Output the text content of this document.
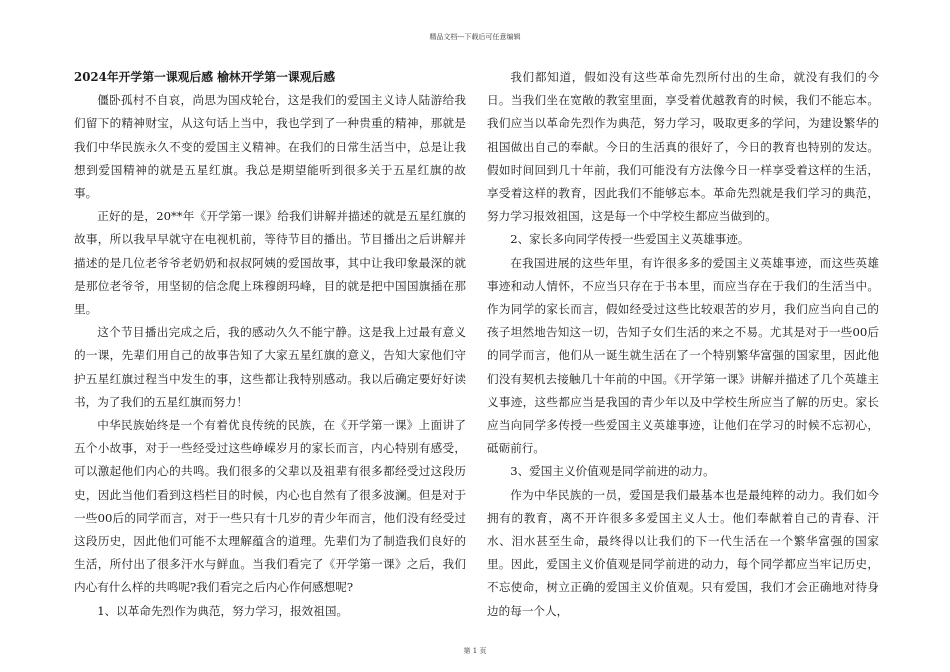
精品文档---下载后可任意编辑

2024年开学第一课观后感 榆林开学第一课观后感

僵卧孤村不自哀，尚思为国戍轮台，这是我们的爱国主义诗人陆游给我们留下的精神财宝，从这句话上当中，我也学到了一种贵重的精神，那就是我们中华民族永久不变的爱国主义精神。在我们的日常生活当中，总是让我想到爱国精神的就是五星红旗。我总是期望能听到很多关于五星红旗的故事。

正好的是，20**年《开学第一课》给我们讲解并描述的就是五星红旗的故事，所以我早早就守在电视机前，等待节目的播出。节目播出之后讲解并描述的是几位老爷爷老奶奶和叔叔阿姨的爱国故事，其中让我印象最深的就是那位老爷爷，用坚韧的信念爬上珠穆朗玛峰，目的就是把中国国旗插在那里。

这个节目播出完成之后，我的感动久久不能宁静。这是我上过最有意义的一课，先辈们用自己的故事告知了大家五星红旗的意义，告知大家他们守护五星红旗过程当中发生的事，这些都让我特别感动。我以后确定要好好读书，为了我们的五星红旗而努力！

中华民族始终是一个有着优良传统的民族，在《开学第一课》上面讲了五个小故事，对于一些经受过这些峥嵘岁月的家长而言，内心特别有感受，可以激起他们内心的共鸣。我们很多的父辈以及祖辈有很多都经受过这段历史，因此当他们看到这档栏目的时候，内心也自然有了很多波澜。但是对于一些00后的同学而言，对于一些只有十几岁的青少年而言，他们没有经受过这段历史，因此他们可能不太理解蕴含的道理。先辈们为了制造我们良好的生活，所付出了很多汗水与鲜血。当我们看完了《开学第一课》之后，我们内心有什么样的共鸣呢?我们看完之后内心作何感想呢?

1、以革命先烈作为典范，努力学习，报效祖国。

我们都知道，假如没有这些革命先烈所付出的生命，就没有我们的今日。当我们坐在宽敞的教室里面，享受着优越教育的时候，我们不能忘本。我们应当以革命先烈作为典范，努力学习，吸取更多的学问，为建设繁华的祖国做出自己的奉献。今日的生活真的很好了，今日的教育也特别的发达。假如时间回到几十年前，我们可能没有方法像今日一样享受着这样的生活，享受着这样的教育，因此我们不能够忘本。革命先烈就是我们学习的典范，努力学习报效祖国，这是每一个中学校生都应当做到的。

2、家长多向同学传授一些爱国主义英雄事迹。

在我国进展的这些年里，有许很多多的爱国主义英雄事迹，而这些英雄事迹和动人情怀，不应当只存在于书本里，而应当存在于我们的生活当中。作为同学的家长而言，假如经受过这些比较艰苦的岁月，我们应当向自己的孩子坦然地告知这一切，告知子女们生活的来之不易。尤其是对于一些00后的同学而言，他们从一诞生就生活在了一个特别繁华富强的国家里，因此他们没有契机去接触几十年前的中国。《开学第一课》讲解并描述了几个英雄主义事迹，这些都应当是我国的青少年以及中学校生所应当了解的历史。家长应当向同学多传授一些爱国主义英雄事迹，让他们在学习的时候不忘初心，砥砺前行。

3、爱国主义价值观是同学前进的动力。

作为中华民族的一员，爱国是我们最基本也是最纯粹的动力。我们如今拥有的教育，离不开许很多多爱国主义人士。他们奉献着自己的青春、汗水、泪水甚至生命，最终得以让我们的下一代生活在一个繁华富强的国家里。因此，爱国主义价值观是同学前进的动力，每个同学都应当牢记历史，不忘使命，树立正确的爱国主义价值观。只有爱国，我们才会正确地对待身边的每一个人，

第 1 页
